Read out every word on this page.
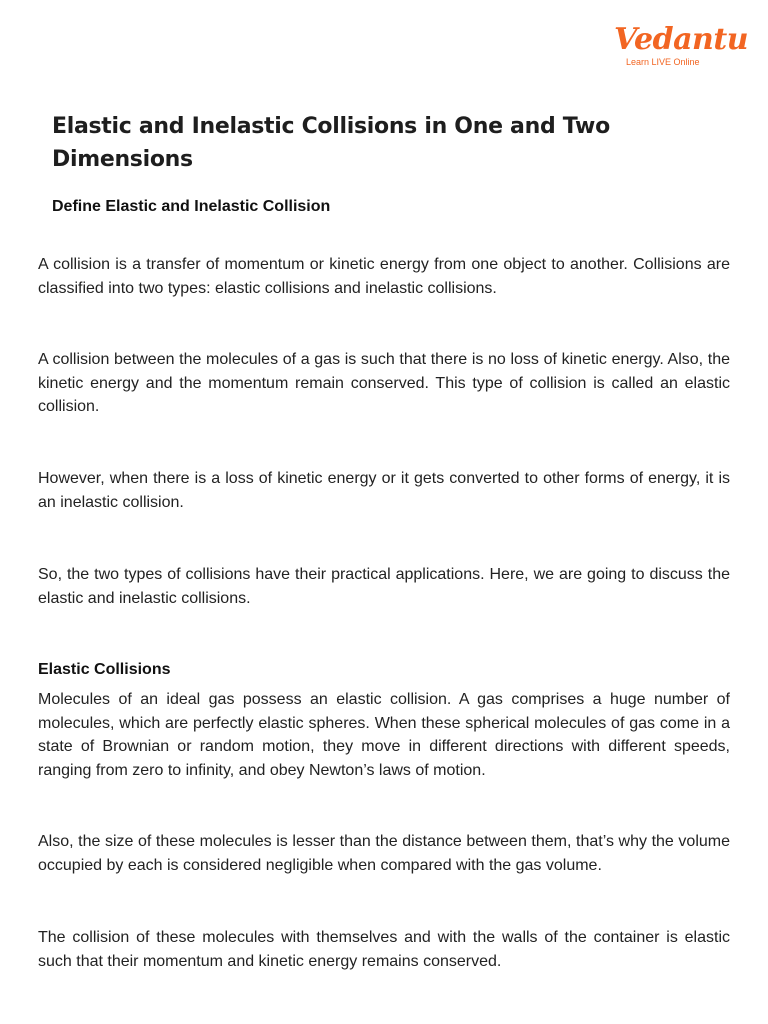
Vedantu
Learn LIVE Online
Elastic and Inelastic Collisions in One and Two Dimensions
Define Elastic and Inelastic Collision

A collision is a transfer of momentum or kinetic energy from one object to another. Collisions are classified into two types: elastic collisions and inelastic collisions.

A collision between the molecules of a gas is such that there is no loss of kinetic energy. Also, the kinetic energy and the momentum remain conserved. This type of collision is called an elastic collision.

However, when there is a loss of kinetic energy or it gets converted to other forms of energy, it is an inelastic collision.

So, the two types of collisions have their practical applications. Here, we are going to discuss the elastic and inelastic collisions.

Elastic Collisions

Molecules of an ideal gas possess an elastic collision. A gas comprises a huge number of molecules, which are perfectly elastic spheres. When these spherical molecules of gas come in a state of Brownian or random motion, they move in different directions with different speeds, ranging from zero to infinity, and obey Newton’s laws of motion.

Also, the size of these molecules is lesser than the distance between them, that’s why the volume occupied by each is considered negligible when compared with the gas volume.

The collision of these molecules with themselves and with the walls of the container is elastic such that their momentum and kinetic energy remains conserved.
